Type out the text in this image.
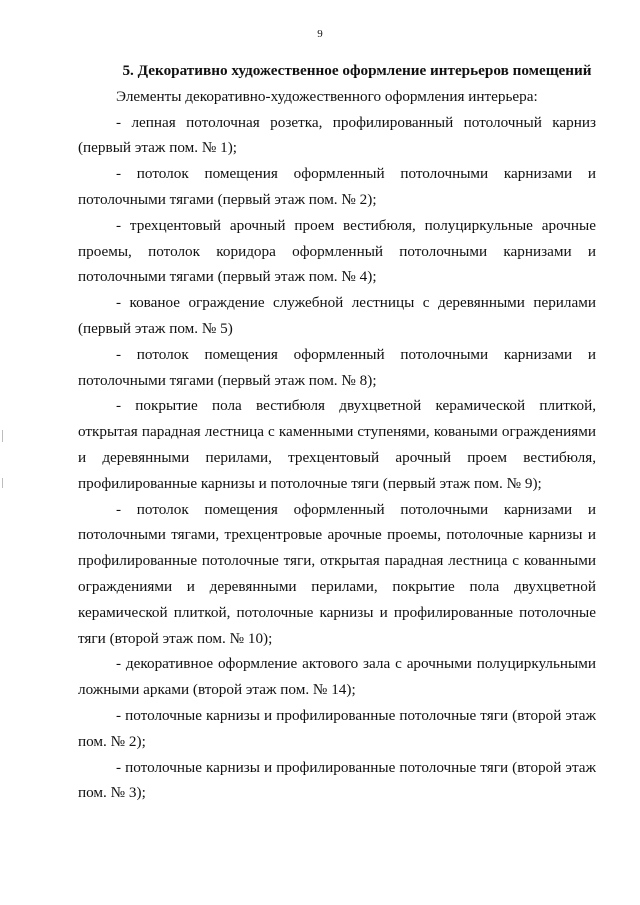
9

5. Декоративно художественное оформление интерьеров помещений

Элементы декоративно-художественного оформления интерьера:

- лепная потолочная розетка, профилированный потолочный карниз (первый этаж пом. № 1);

- потолок помещения оформленный потолочными карнизами и потолочными тягами (первый этаж пом. № 2);

- трехцентовый арочный проем вестибюля, полуциркульные арочные проемы, потолок коридора оформленный потолочными карнизами и потолочными тягами (первый этаж пом. № 4);

- кованое ограждение служебной лестницы с деревянными перилами (первый этаж пом. № 5)

- потолок помещения оформленный потолочными карнизами и потолочными тягами (первый этаж пом. № 8);

- покрытие пола вестибюля двухцветной керамической плиткой, открытая парадная лестница с каменными ступенями, коваными ограждениями и деревянными перилами, трехцентовый арочный проем вестибюля, профилированные карнизы и потолочные тяги (первый этаж пом. № 9);

- потолок помещения оформленный потолочными карнизами и потолочными тягами, трехцентровые арочные проемы, потолочные карнизы и профилированные потолочные тяги, открытая парадная лестница с кованными ограждениями и деревянными перилами, покрытие пола двухцветной керамической плиткой, потолочные карнизы и профилированные потолочные тяги (второй этаж пом. № 10);

- декоративное оформление актового зала с арочными полуциркульными ложными арками (второй этаж пом. № 14);

- потолочные карнизы и профилированные потолочные тяги (второй этаж пом. № 2);

- потолочные карнизы и профилированные потолочные тяги (второй этаж пом. № 3);
